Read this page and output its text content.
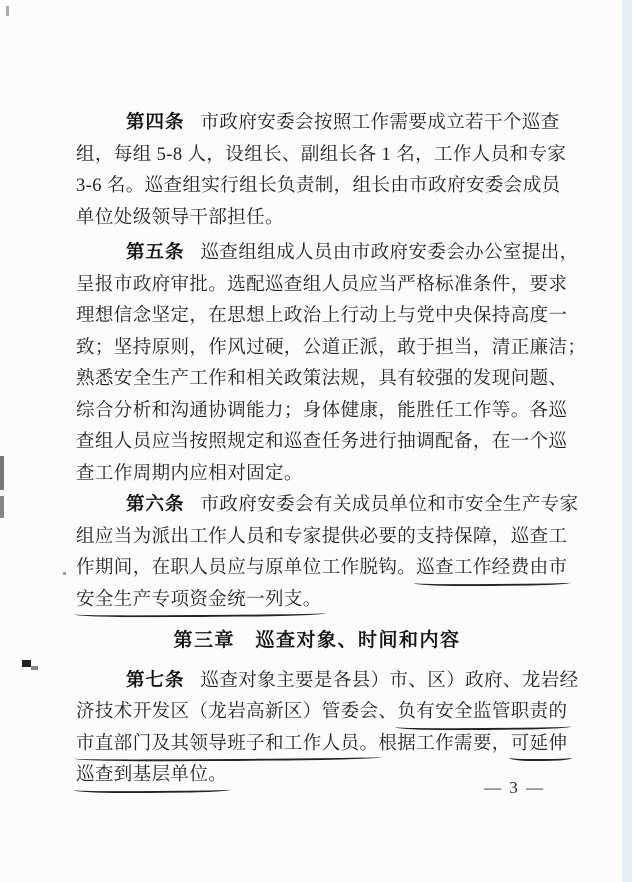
第四条 市政府安委会按照工作需要成立若干个巡查
组，每组 5-8 人，设组长、副组长各 1 名，工作人员和专家
3-6 名。巡查组实行组长负责制，组长由市政府安委会成员
单位处级领导干部担任。
第五条 巡查组组成人员由市政府安委会办公室提出，
呈报市政府审批。选配巡查组人员应当严格标准条件，要求
理想信念坚定，在思想上政治上行动上与党中央保持高度一
致；坚持原则，作风过硬，公道正派，敢于担当，清正廉洁；
熟悉安全生产工作和相关政策法规，具有较强的发现问题、
综合分析和沟通协调能力；身体健康，能胜任工作等。各巡
查组人员应当按照规定和巡查任务进行抽调配备，在一个巡
查工作周期内应相对固定。
第六条 市政府安委会有关成员单位和市安全生产专家
组应当为派出工作人员和专家提供必要的支持保障，巡查工
作期间，在职人员应与原单位工作脱钩。巡查工作经费由市
安全生产专项资金统一列支。
第三章　巡查对象、时间和内容
第七条 巡查对象主要是各县）市、区）政府、龙岩经
济技术开发区（龙岩高新区）管委会、负有安全监管职责的
市直部门及其领导班子和工作人员。根据工作需要，可延伸
巡查到基层单位。
— 3 —
